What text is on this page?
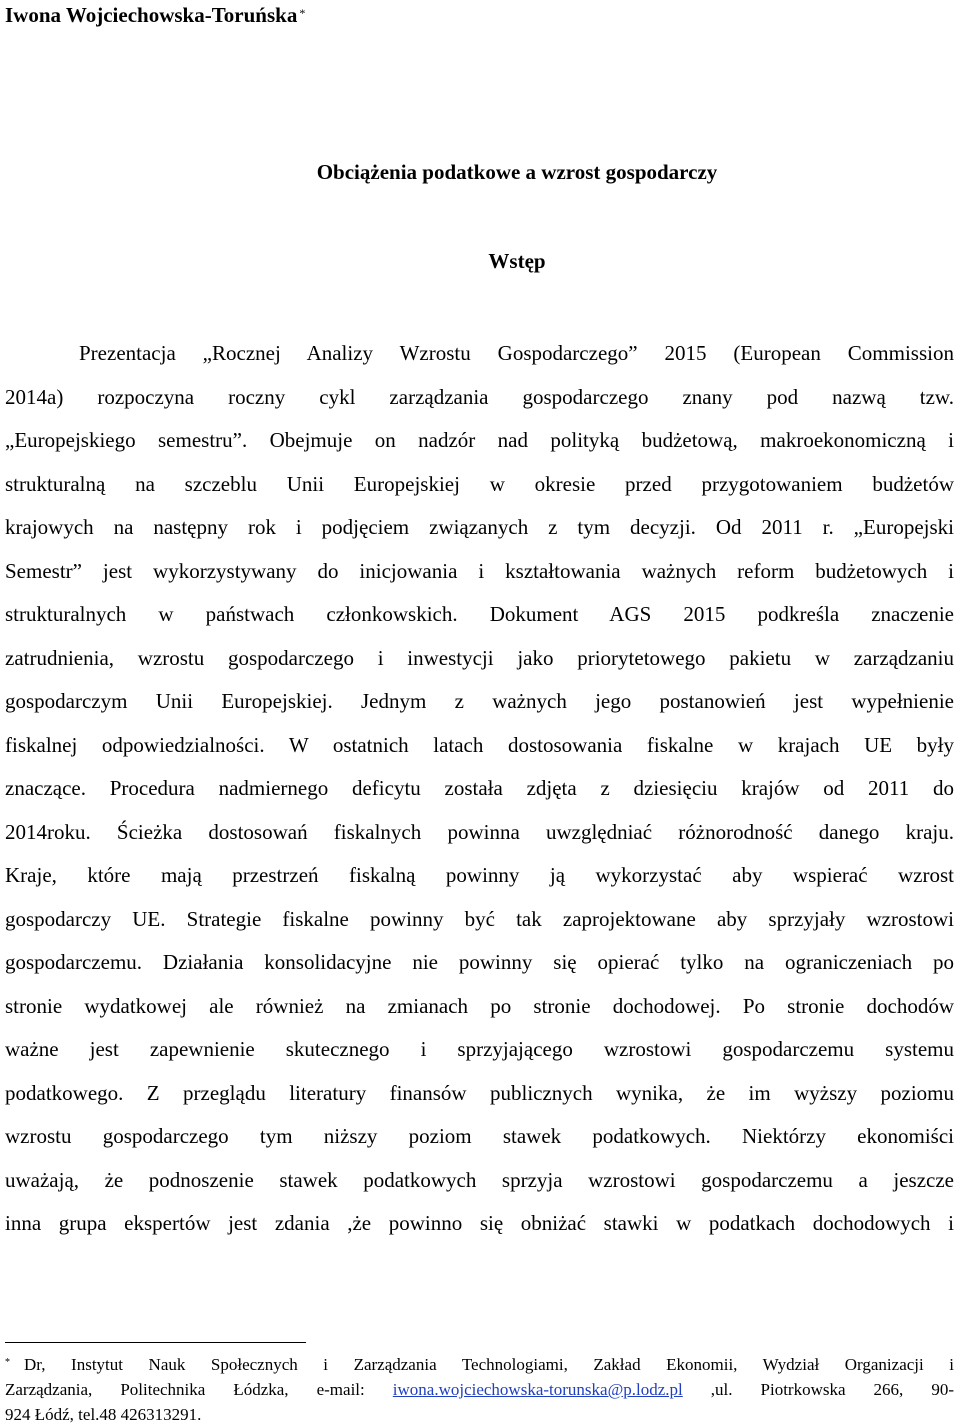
Iwona Wojciechowska-Toruńska *
Obciążenia podatkowe a wzrost gospodarczy
Wstęp
Prezentacja „Rocznej Analizy Wzrostu Gospodarczego” 2015 (European Commission
2014a) rozpoczyna roczny cykl zarządzania gospodarczego znany pod nazwą tzw.
„Europejskiego semestru”. Obejmuje on nadzór nad polityką budżetową, makroekonomiczną i
strukturalną na szczeblu Unii Europejskiej w okresie przed przygotowaniem budżetów
krajowych na następny rok i podjęciem związanych z tym decyzji. Od 2011 r. „Europejski
Semestr” jest wykorzystywany do inicjowania i kształtowania ważnych reform budżetowych i
strukturalnych w państwach członkowskich. Dokument AGS 2015 podkreśla znaczenie
zatrudnienia, wzrostu gospodarczego i inwestycji jako priorytetowego pakietu w zarządzaniu
gospodarczym Unii Europejskiej. Jednym z ważnych jego postanowień jest wypełnienie
fiskalnej odpowiedzialności. W ostatnich latach dostosowania fiskalne w krajach UE były
znaczące. Procedura nadmiernego deficytu została zdjęta z dziesięciu krajów od 2011 do
2014roku. Ścieżka dostosowań fiskalnych powinna uwzględniać różnorodność danego kraju.
Kraje, które mają przestrzeń fiskalną powinny ją wykorzystać aby wspierać wzrost
gospodarczy UE. Strategie fiskalne powinny być tak zaprojektowane aby sprzyjały wzrostowi
gospodarczemu. Działania konsolidacyjne nie powinny się opierać tylko na ograniczeniach po
stronie wydatkowej ale również na zmianach po stronie dochodowej. Po stronie dochodów
ważne jest zapewnienie skutecznego i sprzyjającego wzrostowi gospodarczemu systemu
podatkowego. Z przeglądu literatury finansów publicznych wynika, że im wyższy poziomu
wzrostu gospodarczego tym niższy poziom stawek podatkowych. Niektórzy ekonomiści
uważają, że podnoszenie stawek podatkowych sprzyja wzrostowi gospodarczemu a jeszcze
inna grupa ekspertów jest zdania ,że powinno się obniżać stawki w podatkach dochodowych i
* Dr, Instytut Nauk Społecznych i Zarządzania Technologiami, Zakład Ekonomii, Wydział Organizacji i
Zarządzania, Politechnika Łódzka, e-mail: iwona.wojciechowska-torunska@p.lodz.pl ,ul. Piotrkowska 266, 90-
924 Łódź, tel.48 426313291.
